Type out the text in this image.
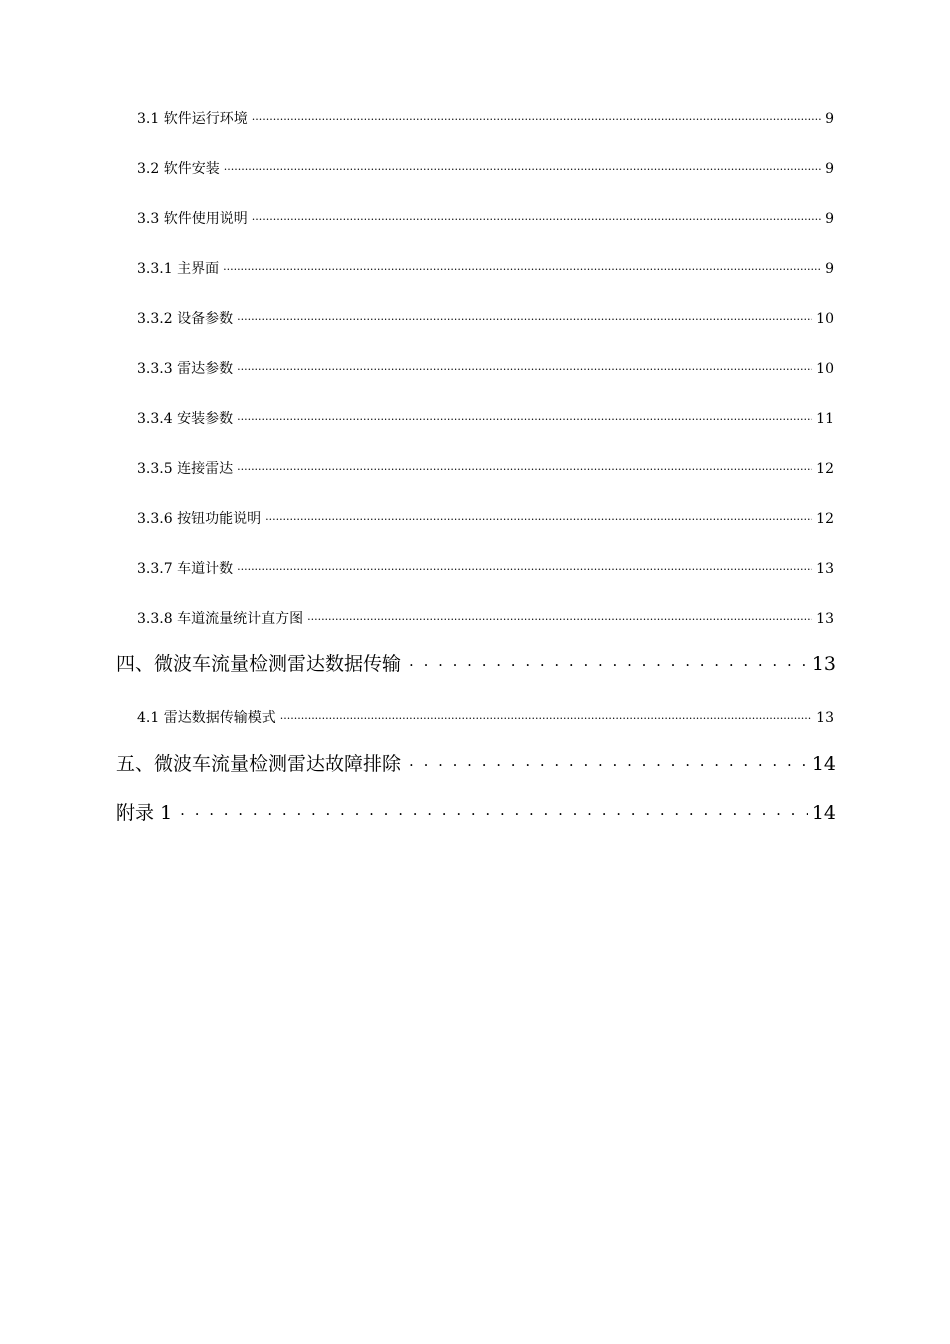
3.1 软件运行环境 .....	9
3.2 软件安装 .....	9
3.3 软件使用说明 .....	9
3.3.1 主界面 .....	9
3.3.2 设备参数 .....	10
3.3.3 雷达参数 .....	10
3.3.4 安装参数 .....	11
3.3.5 连接雷达 .....	12
3.3.6 按钮功能说明 .....	12
3.3.7 车道计数 .....	13
3.3.8 车道流量统计直方图 .....	13
四、微波车流量检测雷达数据传输 . . .	13
4.1 雷达数据传输模式 .....	13
五、微波车流量检测雷达故障排除 . . .	14
附录 1 . . .	14
